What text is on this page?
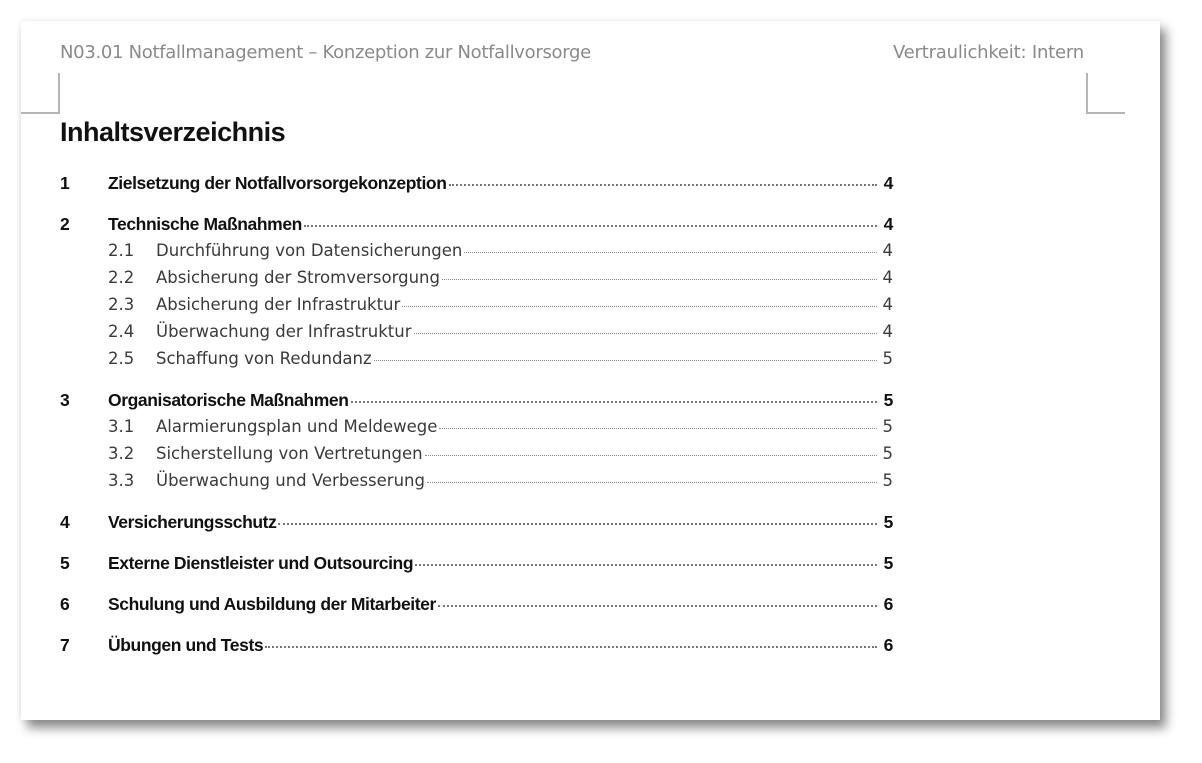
N03.01 Notfallmanagement – Konzeption zur Notfallvorsorge	Vertraulichkeit: Intern
Inhaltsverzeichnis
1	Zielsetzung der Notfallvorsorgekonzeption	4
2	Technische Maßnahmen	4
2.1	Durchführung von Datensicherungen	4
2.2	Absicherung der Stromversorgung	4
2.3	Absicherung der Infrastruktur	4
2.4	Überwachung der Infrastruktur	4
2.5	Schaffung von Redundanz	5
3	Organisatorische Maßnahmen	5
3.1	Alarmierungsplan und Meldewege	5
3.2	Sicherstellung von Vertretungen	5
3.3	Überwachung und Verbesserung	5
4	Versicherungsschutz	5
5	Externe Dienstleister und Outsourcing	5
6	Schulung und Ausbildung der Mitarbeiter	6
7	Übungen und Tests	6
